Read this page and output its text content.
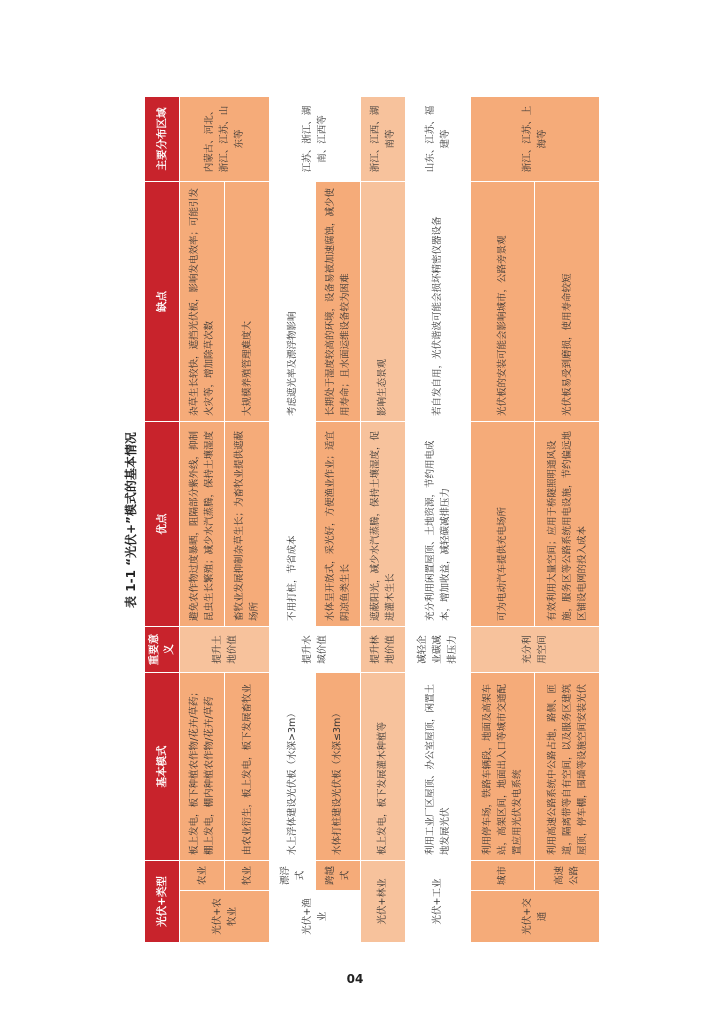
表 1-1 “光伏+”模式的基本情况
光伏+类型		基本模式	重要意义	优点	缺点	主要分布区域
光伏+农牧业	农业	板上发电，板下种植农作物/花卉/草药；棚上发电，棚内种植农作物/花卉/草药	提升土地价值	避免农作物过度暴晒，阻隔部分紫外线，抑制昆虫生长繁殖；减少水汽蒸腾，保持土壤湿度	杂草生长较快，遮挡光伏板，影响发电效率；可能引发火灾等，增加除草次数	内蒙古、河北、浙江、江苏、山东等
	牧业	由农业衍生，板上发电，板下发展畜牧业		畜牧业发展抑制杂草生长；为畜牧业提供遮蔽场所	大规模养殖管理难度大	
光伏+渔业	漂浮式	水上浮体建设光伏板（水深>3m）	提升水域价值	不用打桩，节省成本	考虑遮光率及漂浮物影响	江苏、浙江、湖南、江西等
	跨越式	水体打桩建设光伏板（水深≤3m）		水体呈开放式，采光好，方便渔业作业；适宜阴凉鱼类生长	长期处于湿度较高的环境，设备易被加速腐蚀，减少使用寿命；且水面运维设备较为困难	
光伏+林业		板上发电，板下发展灌木种植等	提升林地价值	遮蔽阳光，减少水汽蒸腾，保持土壤湿度，促进灌木生长	影响生态景观	浙江、江西、湖南等
光伏+工业		利用工业厂区屋顶、办公室屋顶，闲置土地发展光伏	减轻企业碳减排压力	充分利用闲置屋顶、土地资源，节约用电成本，增加收益，减轻碳减排压力	若自发自用，光伏谐波可能会损坏精密仪器设备	山东、江苏、福建等
光伏+交通	城市	利用停车场，铁路车辆段，地面及高架车站，高架区间，地面出入口等城市交通配置应用光伏发电系统	充分利用空间	可为电动汽车提供充电场所	光伏板的安装可能会影响城市，公路旁景观	浙江、江苏、上海等
	高速公路	利用高速公路系统中公路占地，路侧、匝道，隔离带等自有空间，以及服务区建筑屋顶，停车棚，围墙等设施空间安装光伏		有效利用大量空间；应用于桥隧照明通风设施，服务区等公路系统用电设施，节约偏远地区铺设电网的投入成本	光伏板易受到磨损，使用寿命较短	
04
